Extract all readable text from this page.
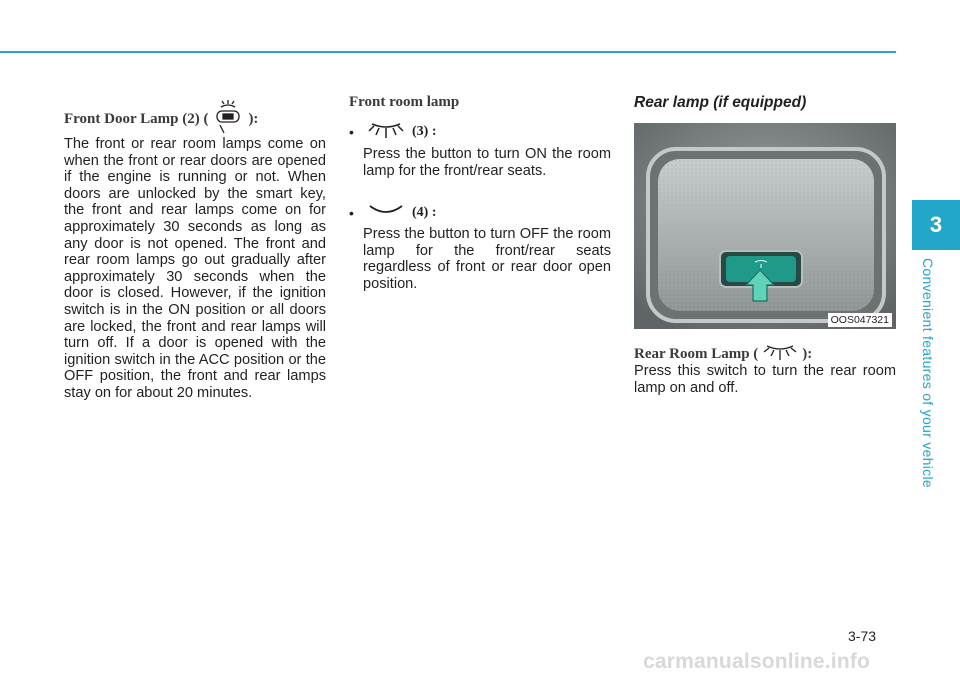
Front Door Lamp (2) (	):

The front or rear room lamps come on when the front or rear doors are opened if the engine is running or not. When doors are unlocked by the smart key, the front and rear lamps come on for approximately 30 seconds as long as any door is not opened. The front and rear room lamps go out gradually after approximately 30 seconds when the door is closed. However, if the ignition switch is in the ON position or all doors are locked, the front and rear lamps will turn off. If a door is opened with the ignition switch in the ACC position or the OFF position, the front and rear lamps stay on for about 20 minutes.

Front room lamp
•	(3) :

Press the button to turn ON the room lamp for the front/rear seats.

•	(4) :

Press the button to turn OFF the room lamp for the front/rear seats regardless of front or rear door open position.

Rear lamp (if equipped)
OOS047321
Rear Room Lamp (	):

Press this switch to turn the rear room lamp on and off.

3
Convenient features of your vehicle
3-73
carmanualsonline.info
